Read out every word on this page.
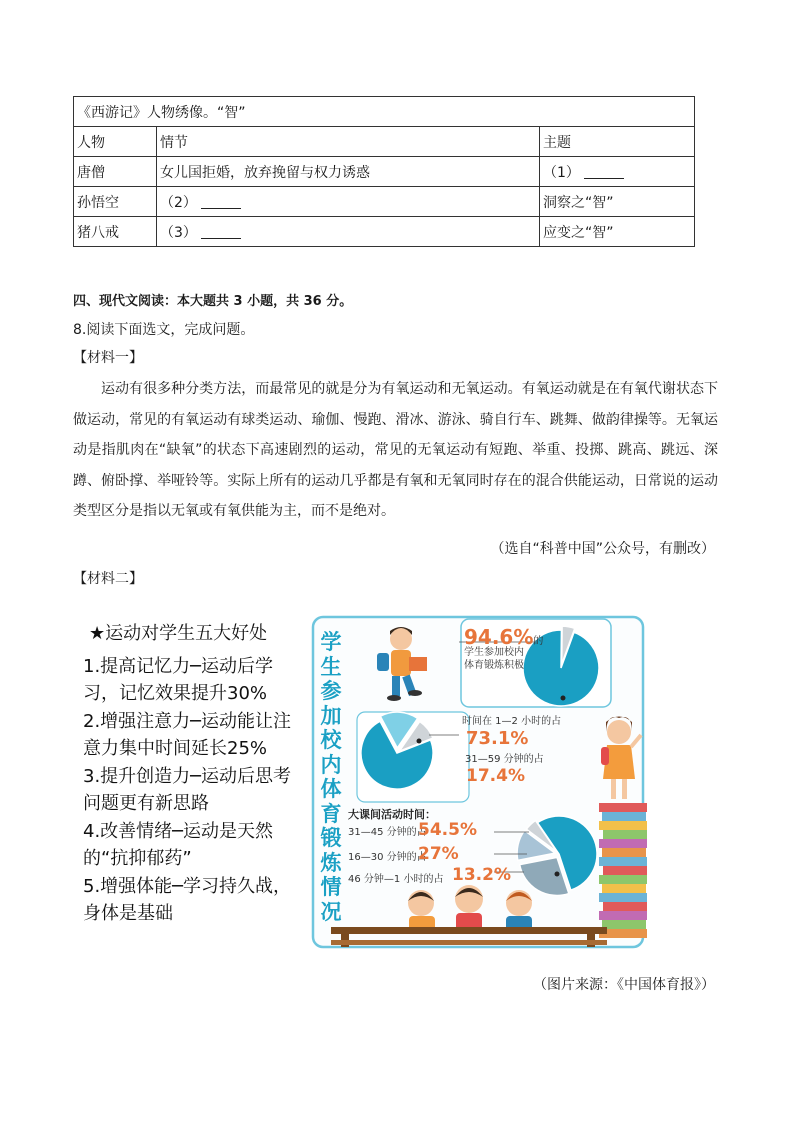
《西游记》人物绣像。“智”		
人物	情节	主题
唐僧	女儿国拒婚，放弃挽留与权力诱惑	（1）
孙悟空	（2）	洞察之“智”
猪八戒	（3）	应变之“智”
四、现代文阅读：本大题共 3 小题，共 36 分。
8.阅读下面选文，完成问题。
【材料一】
运动有很多种分类方法，而最常见的就是分为有氧运动和无氧运动。有氧运动就是在有氧代谢状态下做运动，常见的有氧运动有球类运动、瑜伽、慢跑、滑冰、游泳、骑自行车、跳舞、做韵律操等。无氧运动是指肌肉在“缺氧”的状态下高速剧烈的运动，常见的无氧运动有短跑、举重、投掷、跳高、跳远、深蹲、俯卧撑、举哑铃等。实际上所有的运动几乎都是有氧和无氧同时存在的混合供能运动，日常说的运动类型区分是指以无氧或有氧供能为主，而不是绝对。
（选自“科普中国”公众号，有删改）
【材料二】
★运动对学生五大好处
1.提高记忆力─运动后学习，记忆效果提升30%
2.增强注意力─运动能让注意力集中时间延长25%
3.提升创造力─运动后思考问题更有新思路
4.改善情绪─运动是天然的“抗抑郁药”
5.增强体能─学习持久战，身体是基础
学生参加校内体育锻炼情况
94.6%的
学生参加校内体育锻炼积极
时间在 1—2 小时的占
73.1%
31—59 分钟的占
17.4%
大课间活动时间：
31—45 分钟的占
54.5%
16—30 分钟的占
27%
46 分钟—1 小时的占 13.2%
（图片来源：《中国体育报》）
